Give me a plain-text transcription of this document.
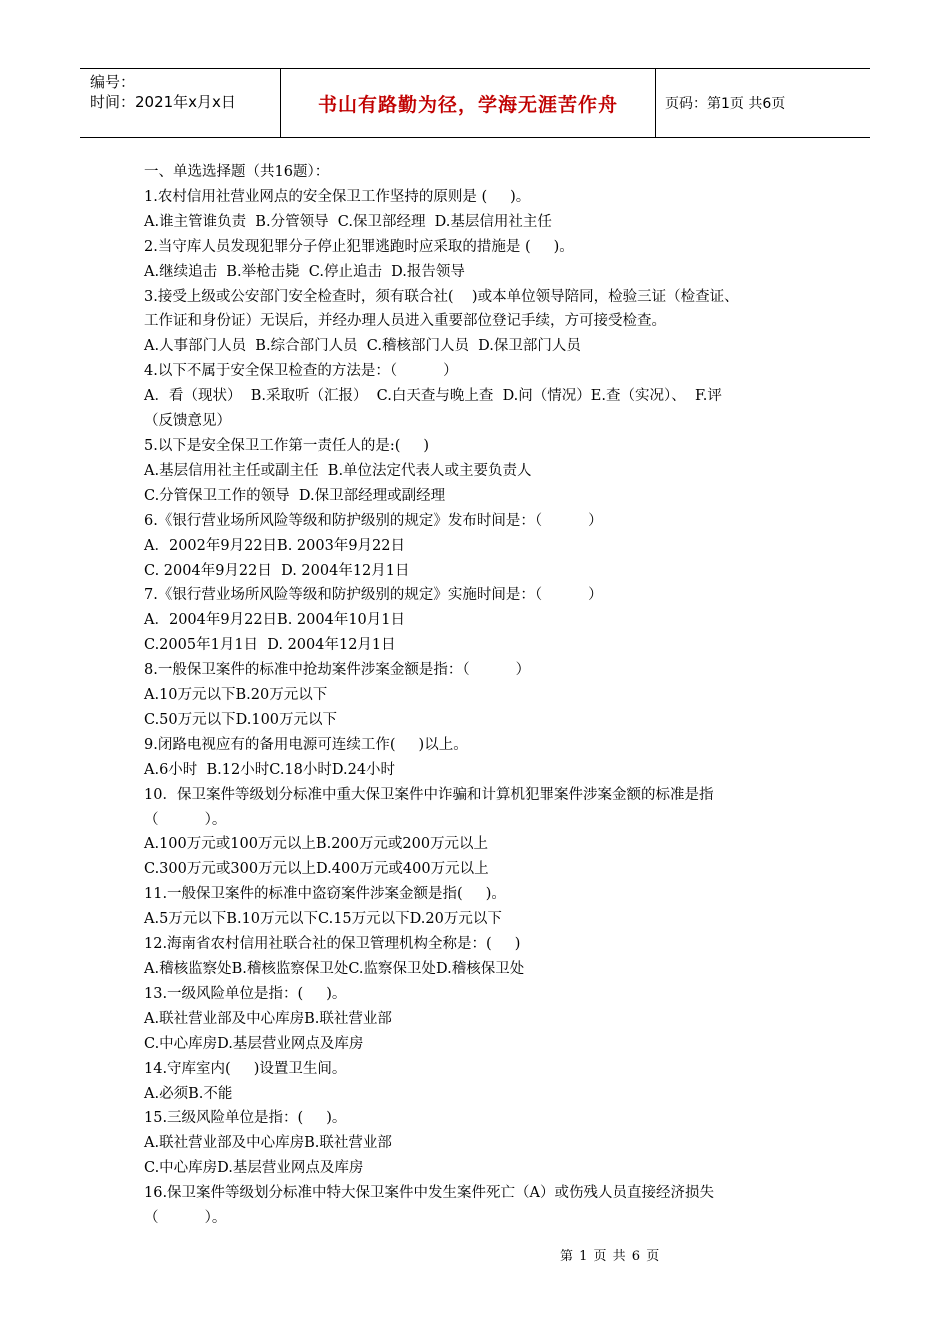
编号：
时间：2021年x月x日	书山有路勤为径，学海无涯苦作舟	页码：第1页 共6页
一、单选选择题（共16题）：
1.农村信用社营业网点的安全保卫工作坚持的原则是 (     )。
A.谁主管谁负责  B.分管领导  C.保卫部经理  D.基层信用社主任
2.当守库人员发现犯罪分子停止犯罪逃跑时应采取的措施是 (     )。
A.继续追击  B.举枪击毙  C.停止追击  D.报告领导
3.接受上级或公安部门安全检查时，须有联合社(    )或本单位领导陪同，检验三证（检查证、
工作证和身份证）无误后，并经办理人员进入重要部位登记手续，方可接受检查。
A.人事部门人员  B.综合部门人员  C.稽核部门人员  D.保卫部门人员
4.以下不属于安全保卫检查的方法是：（          ）
A．看（现状）  B.采取听（汇报）  C.白天查与晚上查  D.问（情况）E.查（实况）、  F.评
（反馈意见）
5.以下是安全保卫工作第一责任人的是:(     )
A.基层信用社主任或副主任  B.单位法定代表人或主要负责人
C.分管保卫工作的领导  D.保卫部经理或副经理
6.《银行营业场所风险等级和防护级别的规定》发布时间是：（          ）
A．2002年9月22日B. 2003年9月22日
C. 2004年9月22日  D. 2004年12月1日
7.《银行营业场所风险等级和防护级别的规定》实施时间是：（          ）
A．2004年9月22日B. 2004年10月1日
C.2005年1月1日  D. 2004年12月1日
8.一般保卫案件的标准中抢劫案件涉案金额是指：（          ）
A.10万元以下B.20万元以下
C.50万元以下D.100万元以下
9.闭路电视应有的备用电源可连续工作(     )以上。
A.6小时  B.12小时C.18小时D.24小时
10．保卫案件等级划分标准中重大保卫案件中诈骗和计算机犯罪案件涉案金额的标准是指
（          ）。
A.100万元或100万元以上B.200万元或200万元以上
C.300万元或300万元以上D.400万元或400万元以上
11.一般保卫案件的标准中盗窃案件涉案金额是指(     )。
A.5万元以下B.10万元以下C.15万元以下D.20万元以下
12.海南省农村信用社联合社的保卫管理机构全称是：(     )
A.稽核监察处B.稽核监察保卫处C.监察保卫处D.稽核保卫处
13.一级风险单位是指：(     )。
A.联社营业部及中心库房B.联社营业部
C.中心库房D.基层营业网点及库房
14.守库室内(     )设置卫生间。
A.必须B.不能
15.三级风险单位是指：(     )。
A.联社营业部及中心库房B.联社营业部
C.中心库房D.基层营业网点及库房
16.保卫案件等级划分标准中特大保卫案件中发生案件死亡（A）或伤残人员直接经济损失
（          ）。
第 1 页 共 6 页
